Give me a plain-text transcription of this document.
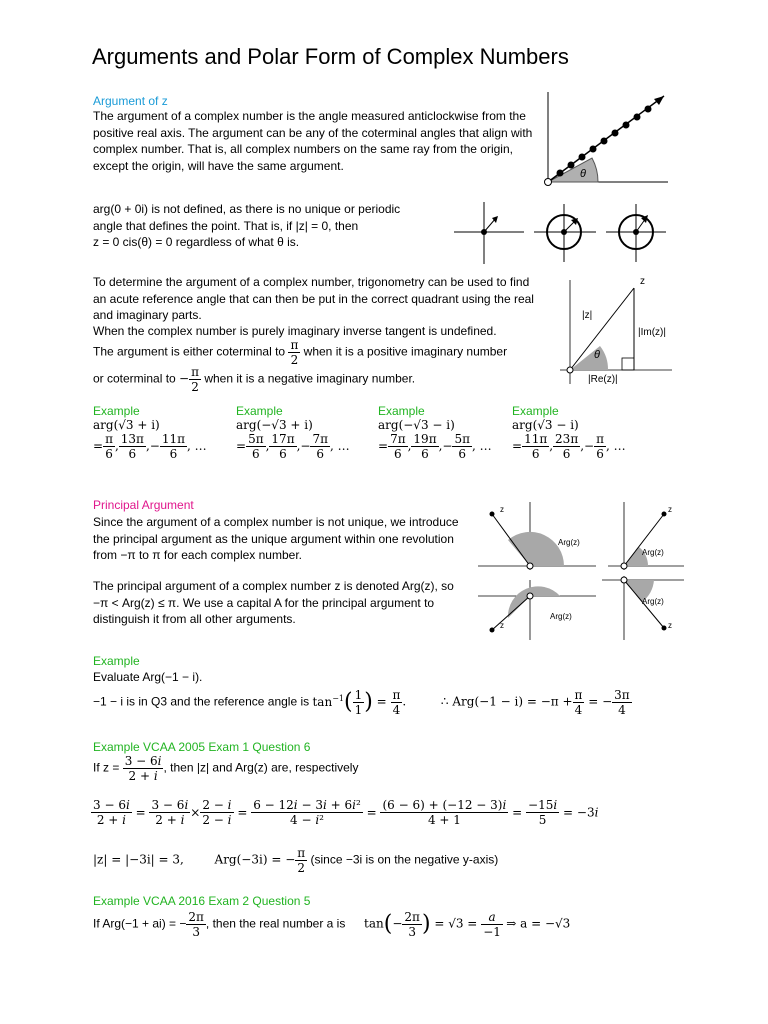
Arguments and Polar Form of Complex Numbers
Argument of z
The argument of a complex number is the angle measured anticlockwise from the positive real axis. The argument can be any of the coterminal angles that align with complex number. That is, all complex numbers on the same ray from the origin, except the origin, will have the same argument.
θ
arg(0 + 0i) is not defined, as there is no unique or periodic
angle that defines the point. That is, if |z| = 0, then
z = 0 cis(θ) = 0 regardless of what θ is.
To determine the argument of a complex number, trigonometry can be used to find an acute reference angle that can then be put in the correct quadrant using the real and imaginary parts.
When the complex number is purely imaginary inverse tangent is undefined.
The argument is either coterminal to $\frac{\pi}{2}$ when it is a positive imaginary number
or coterminal to − $\frac{\pi}{2}$ when it is a negative imaginary number.
z
|z|
|Im(z)|
|Re(z)|
θ
Example
arg(√3 + i)
= $\frac{\pi}{6}$ , $\frac{13\pi}{6}$ ,− $\frac{11\pi}{6}$ , …
Example
arg(−√3 + i)
= $\frac{5\pi}{6}$ , $\frac{17\pi}{6}$ ,− $\frac{7\pi}{6}$ , …
Example
arg(−√3 − i)
= $\frac{7\pi}{6}$ , $\frac{19\pi}{6}$ ,− $\frac{5\pi}{6}$ , …
Example
arg(√3 − i)
= $\frac{11\pi}{6}$ , $\frac{23\pi}{6}$ ,− $\frac{\pi}{6}$ , …
Principal Argument
Since the argument of a complex number is not unique, we introduce the principal argument as the unique argument within one revolution from −π to π for each complex number.
The principal argument of a complex number z is denoted Arg(z), so −π < Arg(z) ≤ π. We use a capital A for the principal argument to distinguish it from all other arguments.
z
Arg(z)
z
Arg(z)
z
Arg(z)
z
Arg(z)
Example
Evaluate Arg(−1 − i).
−1 − i is in Q3 and the reference angle is $\tan^{-1}( \frac{1}{1}$ ) = $\frac{\pi}{4}$ .	∴ $Arg(-1 - i) = -\pi + \frac{\pi}{4}$ = − $\frac{3\pi}{4}$
Example VCAA 2005 Exam 1 Question 6
If $z = \frac{3 - 6i}{2 + i}$ , then |z| and Arg(z) are, respectively
$\frac{3 - 6i}{2 + i} = \frac{3 - 6i}{2 + i} \times \frac{2 - i}{2 - i} = \frac{\text{6 − 12i − 3i + 6i²}}{\text{4 − i²}} = \frac{(6 - 6) + (-12 - 3)i}{4 + 1} = \frac{-15i}{5} = -3i$
|z| = |−3i| = 3,	Arg(−3i) = − $\frac{\pi}{2}$ (since −3i is on the negative y-axis)
Example VCAA 2016 Exam 2 Question 5
If Arg(−1 + ai) = − $\frac{2\pi}{3}$ , then the real number a is $\tan(- \frac{2\pi}{3}$ ) = $√3 = \frac{a}{-1}$ ⇒ a = −√3
